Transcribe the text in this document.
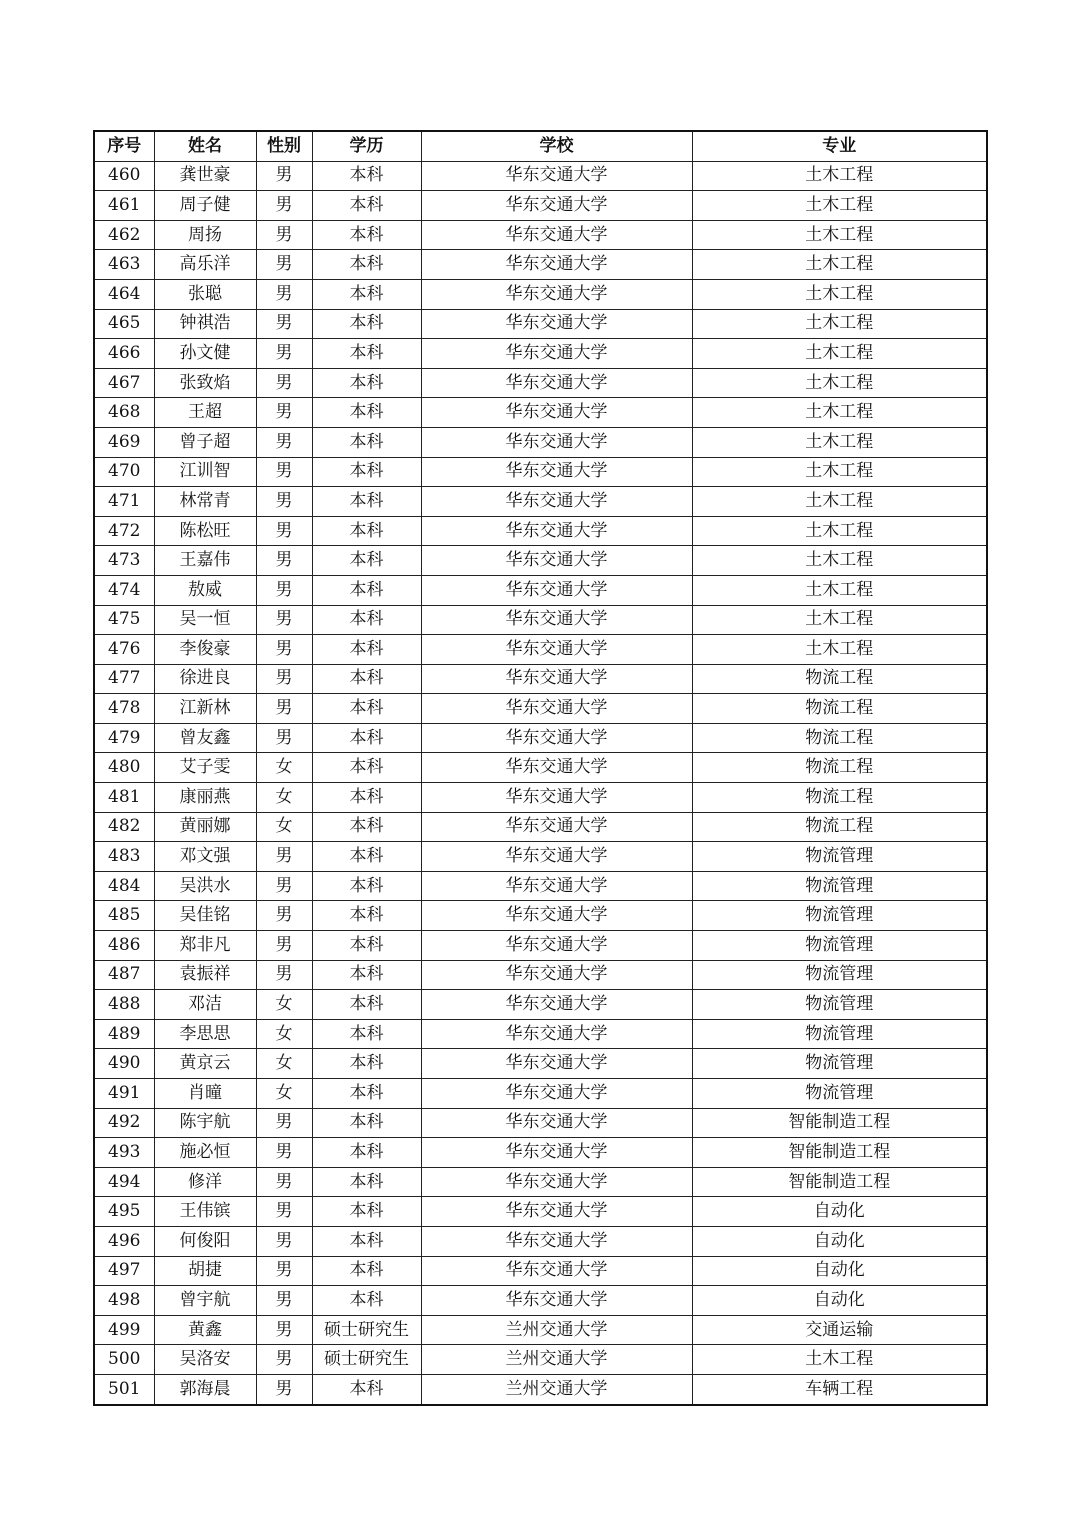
序号	姓名	性别	学历	学校	专业
460	龚世豪	男	本科	华东交通大学	土木工程
461	周子健	男	本科	华东交通大学	土木工程
462	周扬	男	本科	华东交通大学	土木工程
463	高乐洋	男	本科	华东交通大学	土木工程
464	张聪	男	本科	华东交通大学	土木工程
465	钟祺浩	男	本科	华东交通大学	土木工程
466	孙文健	男	本科	华东交通大学	土木工程
467	张致焰	男	本科	华东交通大学	土木工程
468	王超	男	本科	华东交通大学	土木工程
469	曾子超	男	本科	华东交通大学	土木工程
470	江训智	男	本科	华东交通大学	土木工程
471	林常青	男	本科	华东交通大学	土木工程
472	陈松旺	男	本科	华东交通大学	土木工程
473	王嘉伟	男	本科	华东交通大学	土木工程
474	敖威	男	本科	华东交通大学	土木工程
475	吴一恒	男	本科	华东交通大学	土木工程
476	李俊豪	男	本科	华东交通大学	土木工程
477	徐进良	男	本科	华东交通大学	物流工程
478	江新林	男	本科	华东交通大学	物流工程
479	曾友鑫	男	本科	华东交通大学	物流工程
480	艾子雯	女	本科	华东交通大学	物流工程
481	康丽燕	女	本科	华东交通大学	物流工程
482	黄丽娜	女	本科	华东交通大学	物流工程
483	邓文强	男	本科	华东交通大学	物流管理
484	吴洪水	男	本科	华东交通大学	物流管理
485	吴佳铭	男	本科	华东交通大学	物流管理
486	郑非凡	男	本科	华东交通大学	物流管理
487	袁振祥	男	本科	华东交通大学	物流管理
488	邓洁	女	本科	华东交通大学	物流管理
489	李思思	女	本科	华东交通大学	物流管理
490	黄京云	女	本科	华东交通大学	物流管理
491	肖曈	女	本科	华东交通大学	物流管理
492	陈宇航	男	本科	华东交通大学	智能制造工程
493	施必恒	男	本科	华东交通大学	智能制造工程
494	修洋	男	本科	华东交通大学	智能制造工程
495	王伟镔	男	本科	华东交通大学	自动化
496	何俊阳	男	本科	华东交通大学	自动化
497	胡捷	男	本科	华东交通大学	自动化
498	曾宇航	男	本科	华东交通大学	自动化
499	黄鑫	男	硕士研究生	兰州交通大学	交通运输
500	吴洛安	男	硕士研究生	兰州交通大学	土木工程
501	郭海晨	男	本科	兰州交通大学	车辆工程
